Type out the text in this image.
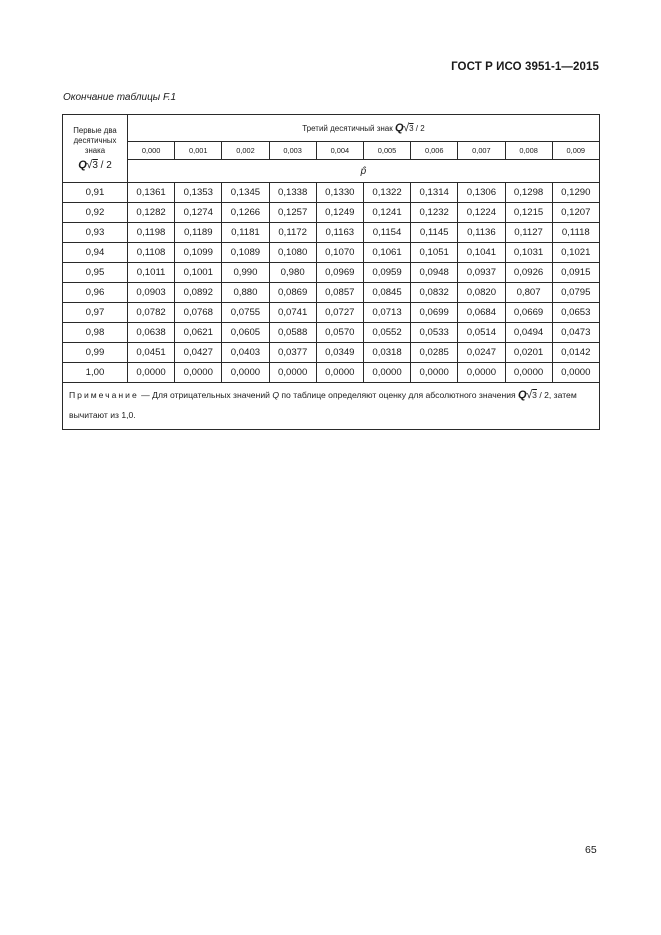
ГОСТ Р ИСО 3951-1—2015
Окончание таблицы F.1
Первые два
десятичных
знака
Q√3 / 2	Третий десятичный знак Q√3 / 2									
	0,000	0,001	0,002	0,003	0,004	0,005	0,006	0,007	0,008	0,009
	p̂									
0,91	0,1361	0,1353	0,1345	0,1338	0,1330	0,1322	0,1314	0,1306	0,1298	0,1290
0,92	0,1282	0,1274	0,1266	0,1257	0,1249	0,1241	0,1232	0,1224	0,1215	0,1207
0,93	0,1198	0,1189	0,1181	0,1172	0,1163	0,1154	0,1145	0,1136	0,1127	0,1118
0,94	0,1108	0,1099	0,1089	0,1080	0,1070	0,1061	0,1051	0,1041	0,1031	0,1021
0,95	0,1011	0,1001	0,990	0,980	0,0969	0,0959	0,0948	0,0937	0,0926	0,0915
0,96	0,0903	0,0892	0,880	0,0869	0,0857	0,0845	0,0832	0,0820	0,807	0,0795
0,97	0,0782	0,0768	0,0755	0,0741	0,0727	0,0713	0,0699	0,0684	0,0669	0,0653
0,98	0,0638	0,0621	0,0605	0,0588	0,0570	0,0552	0,0533	0,0514	0,0494	0,0473
0,99	0,0451	0,0427	0,0403	0,0377	0,0349	0,0318	0,0285	0,0247	0,0201	0,0142
1,00	0,0000	0,0000	0,0000	0,0000	0,0000	0,0000	0,0000	0,0000	0,0000	0,0000
Примечание — Для отрицательных значений Q по таблице определяют оценку для абсолютного значения Q√3 / 2, затем вычитают из 1,0.										
65
